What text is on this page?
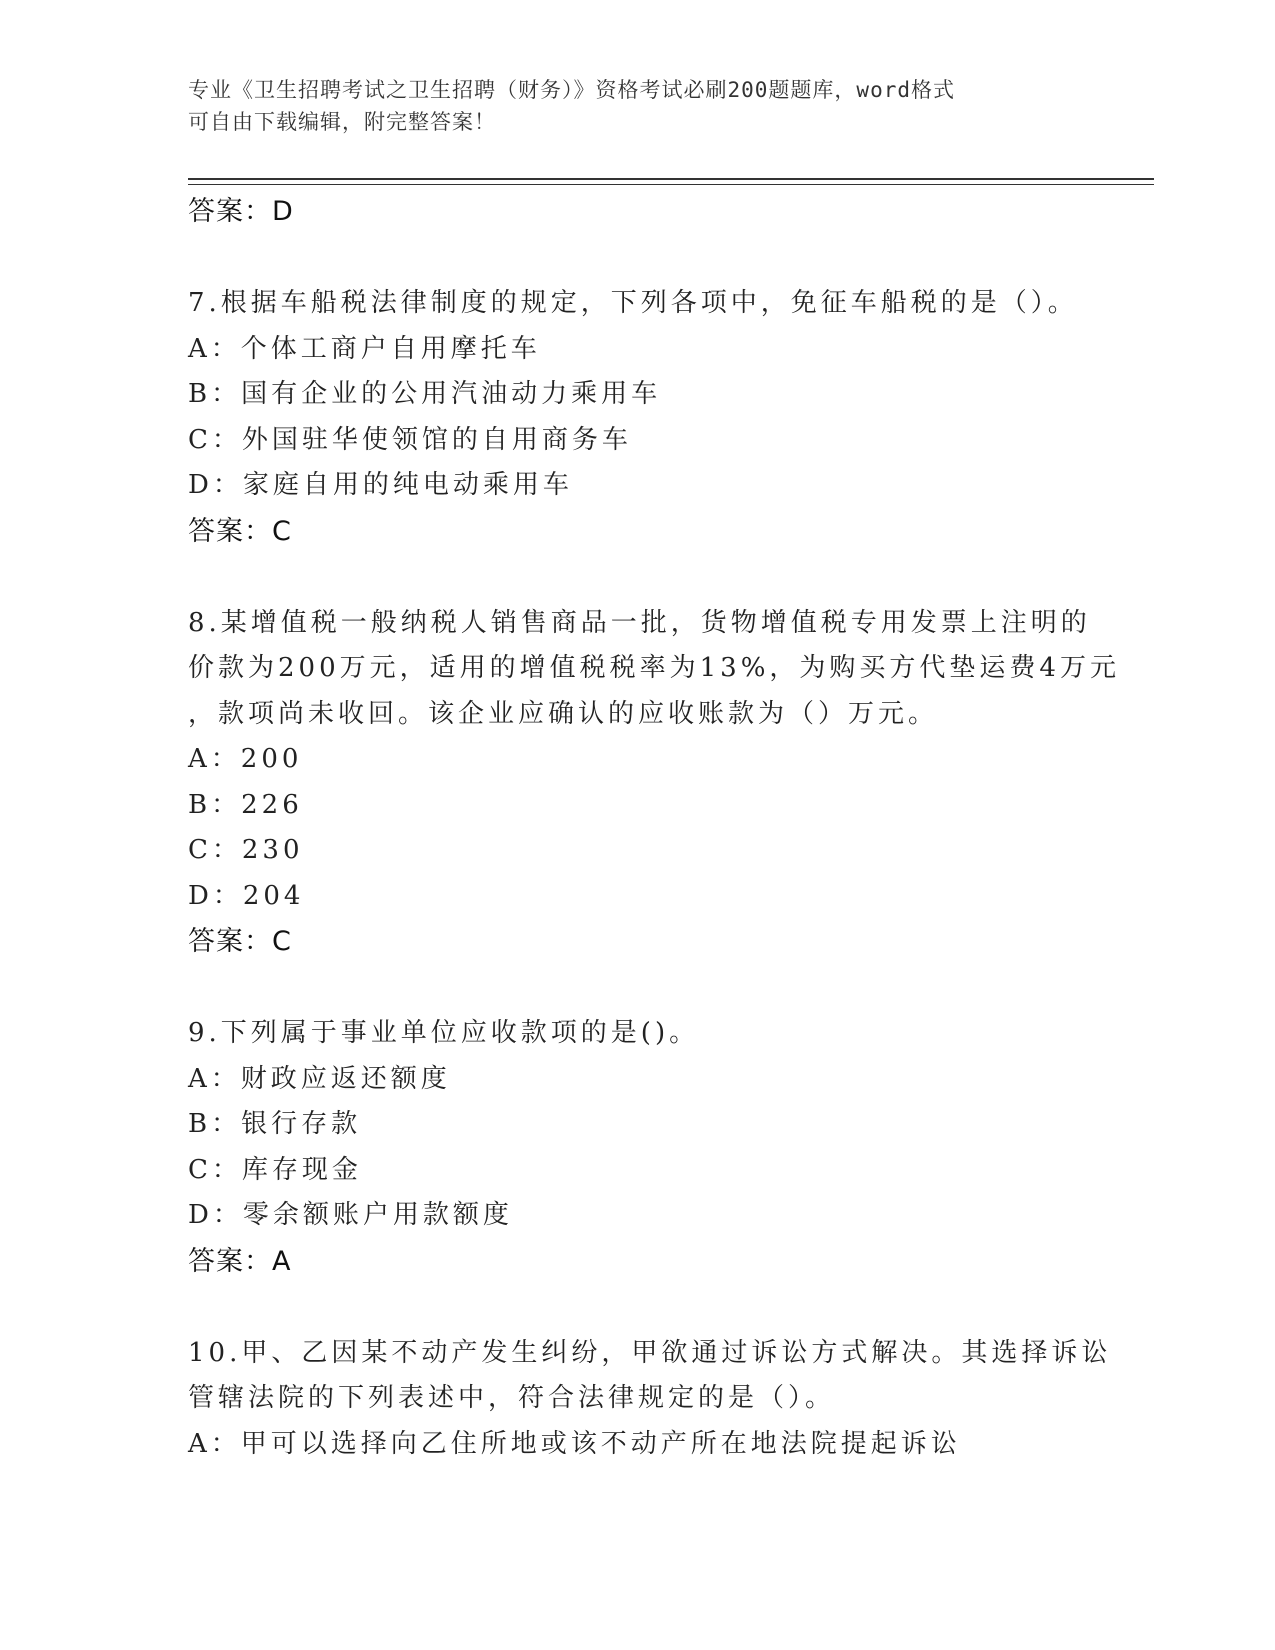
专业《卫生招聘考试之卫生招聘（财务）》资格考试必刷200题题库，word格式
可自由下载编辑，附完整答案！
答案：D
7.根据车船税法律制度的规定，下列各项中，免征车船税的是（）。
A：个体工商户自用摩托车
B：国有企业的公用汽油动力乘用车
C：外国驻华使领馆的自用商务车
D：家庭自用的纯电动乘用车
答案：C
8.某增值税一般纳税人销售商品一批，货物增值税专用发票上注明的
价款为200万元，适用的增值税税率为13%，为购买方代垫运费4万元
，款项尚未收回。该企业应确认的应收账款为（）万元。
A：200
B：226
C：230
D：204
答案：C
9.下列属于事业单位应收款项的是()。
A：财政应返还额度
B：银行存款
C：库存现金
D：零余额账户用款额度
答案：A
10.甲、乙因某不动产发生纠纷，甲欲通过诉讼方式解决。其选择诉讼
管辖法院的下列表述中，符合法律规定的是（）。
A：甲可以选择向乙住所地或该不动产所在地法院提起诉讼
